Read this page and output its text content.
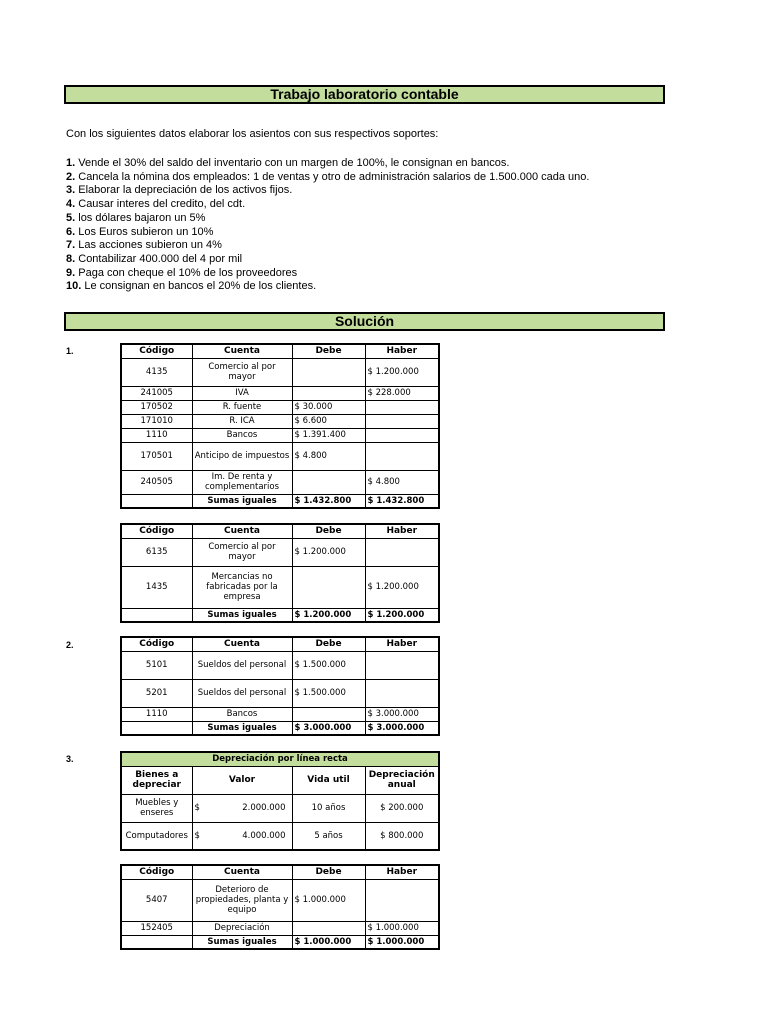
Trabajo laboratorio contable
Con los siguientes datos elaborar los asientos con sus respectivos soportes:
1. Vende el 30% del saldo del inventario con un margen de 100%, le consignan en bancos.
2. Cancela la nómina dos empleados: 1 de ventas y otro de administración salarios de 1.500.000 cada uno.
3. Elaborar la depreciación de los activos fijos.
4. Causar interes del credito, del cdt.
5. los dólares bajaron un 5%
6. Los Euros subieron un 10%
7. Las acciones subieron un 4%
8. Contabilizar 400.000 del 4 por mil
9. Paga con cheque el 10% de los proveedores
10. Le consignan en bancos el 20% de los clientes.
Solución
1.	Código	Cuenta	Debe	Haber
4135	Comercio al por mayor		$ 1.200.000
241005	IVA		$ 228.000
170502	R. fuente	$ 30.000	
171010	R. ICA	$ 6.600	
1110	Bancos	$ 1.391.400	
170501	Anticipo de impuestos	$ 4.800	
240505	Im. De renta y complementarios		$ 4.800
	Sumas iguales	$ 1.432.800	$ 1.432.800
Código	Cuenta	Debe	Haber
6135	Comercio al por mayor	$ 1.200.000	
1435	Mercancias no fabricadas por la empresa		$ 1.200.000
	Sumas iguales	$ 1.200.000	$ 1.200.000
2.	Código	Cuenta	Debe	Haber
5101	Sueldos del personal	$ 1.500.000	
5201	Sueldos del personal	$ 1.500.000	
1110	Bancos		$ 3.000.000
	Sumas iguales	$ 3.000.000	$ 3.000.000
3.	Depreciación por línea recta			
Bienes a depreciar	Valor	Vida util	Depreciación anual
Muebles y enseres	$ 2.000.000	10 años	$ 200.000
Computadores	$ 4.000.000	5 años	$ 800.000
Código	Cuenta	Debe	Haber
5407	Deterioro de propiedades, planta y equipo	$ 1.000.000	
152405	Depreciación		$ 1.000.000
	Sumas iguales	$ 1.000.000	$ 1.000.000
